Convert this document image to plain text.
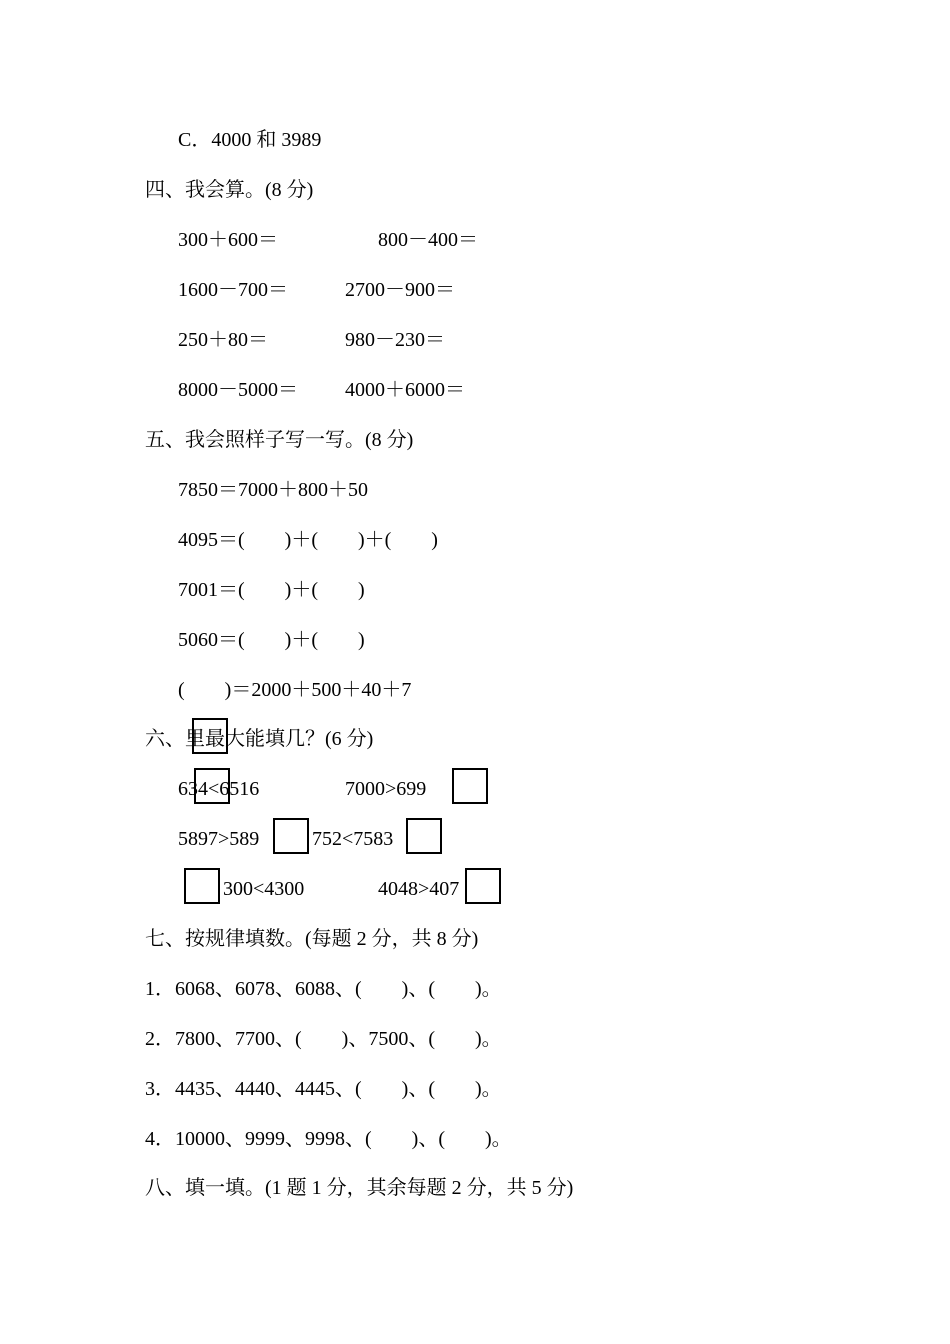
C．4000 和 3989
四、我会算。(8 分)
300＋600＝	800－400＝
1600－700＝	2700－900＝
250＋80＝	980－230＝
8000－5000＝ 4000＋6000＝
五、我会照样子写一写。(8 分)
7850＝7000＋800＋50
4095＝(　　)＋(　　)＋(　　)
7001＝(　　)＋(　　)
5060＝(　　)＋(　　)
(　　)＝2000＋500＋40＋7
六、里最大能填几？(6 分)
634<6516	7000>699
5897>589	752<7583
300<4300	4048>407
七、按规律填数。(每题 2 分，共 8 分)
1．6068、6078、6088、(　　)、(　　)。
2．7800、7700、(　　)、7500、(　　)。
3．4435、4440、4445、(　　)、(　　)。
4．10000、9999、9998、(　　)、(　　)。
八、填一填。(1 题 1 分，其余每题 2 分，共 5 分)
